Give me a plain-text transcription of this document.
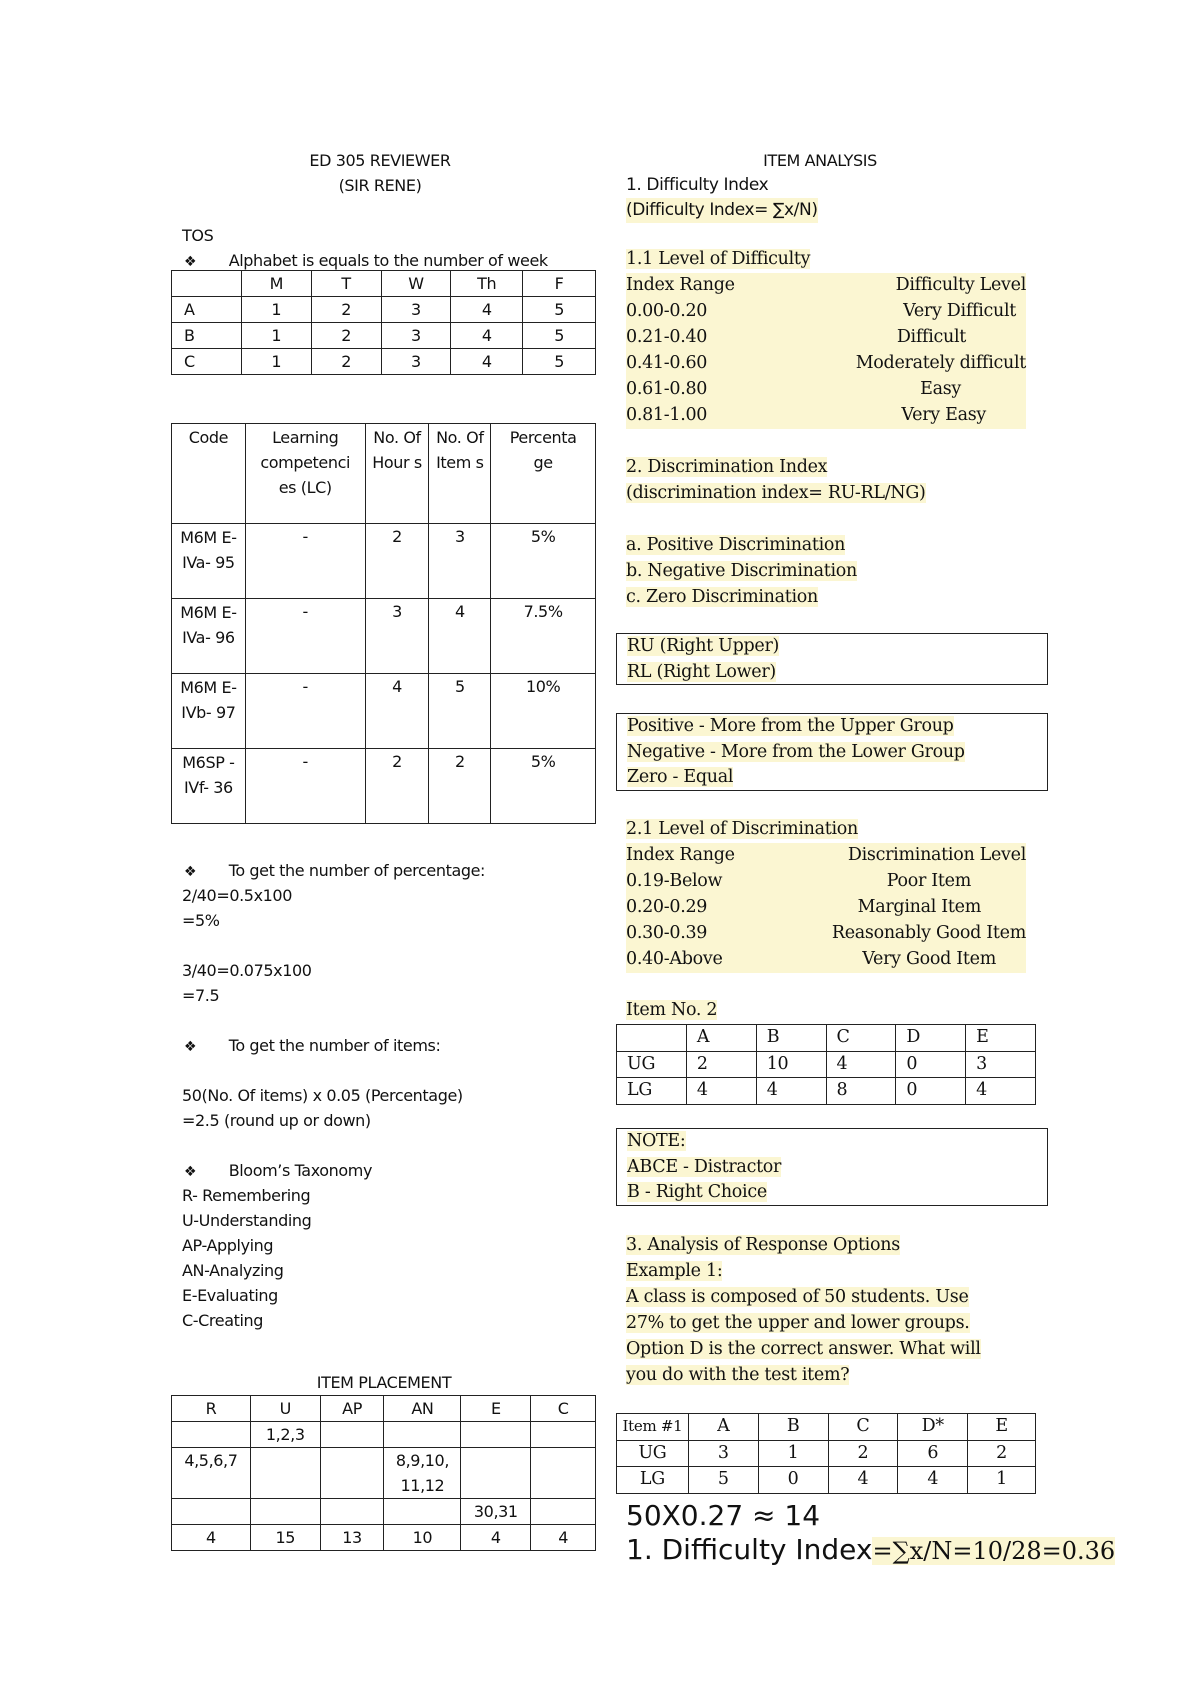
ED 305 REVIEWER
(SIR RENE)
TOS
❖ Alphabet is equals to the number of week
	M	T	W	Th	F
A	1	2	3	4	5
B	1	2	3	4	5
C	1	2	3	4	5
Code	Learning competenci es (LC)	No. Of Hour s	No. Of Item s	Percenta ge
M6M E-IVa- 95	-	2	3	5%
M6M E-IVa- 96	-	3	4	7.5%
M6M E-IVb- 97	-	4	5	10%
M6SP -IVf- 36	-	2	2	5%
❖ To get the number of percentage:
2/40=0.5x100
=5%
3/40=0.075x100
=7.5
❖ To get the number of items:
50(No. Of items) x 0.05 (Percentage)
=2.5 (round up or down)
❖ Bloom’s Taxonomy
R- Remembering
U-Understanding
AP-Applying
AN-Analyzing
E-Evaluating
C-Creating
ITEM PLACEMENT
R	U	AP	AN	E	C
	1,2,3				
4,5,6,7			8,9,10, 11,12		
				30,31	
4	15	13	10	4	4
ITEM ANALYSIS
1. Difficulty Index
(Difficulty Index= ∑x/N)
1.1 Level of Difficulty
Index Range	Difficulty Level
0.00-0.20	Very Difficult
0.21-0.40	Difficult
0.41-0.60	Moderately difficult
0.61-0.80	Easy
0.81-1.00	Very Easy
2. Discrimination Index
(discrimination index= RU-RL/NG)
a. Positive Discrimination
b. Negative Discrimination
c. Zero Discrimination
RU (Right Upper)
RL (Right Lower)
Positive - More from the Upper Group
Negative - More from the Lower Group
Zero - Equal
2.1 Level of Discrimination
Index Range	Discrimination Level
0.19-Below	Poor Item
0.20-0.29	Marginal Item
0.30-0.39	Reasonably Good Item
0.40-Above	Very Good Item
Item No. 2
	A	B	C	D	E
UG	2	10	4	0	3
LG	4	4	8	0	4
NOTE:
ABCE - Distractor
B - Right Choice
3. Analysis of Response Options
Example 1:
A class is composed of 50 students. Use
27% to get the upper and lower groups.
Option D is the correct answer. What will
you do with the test item?
Item #1	A	B	C	D*	E
UG	3	1	2	6	2
LG	5	0	4	4	1
50X0.27 ≈ 14
1. Difficulty Index=∑x/N=10/28=0.36
